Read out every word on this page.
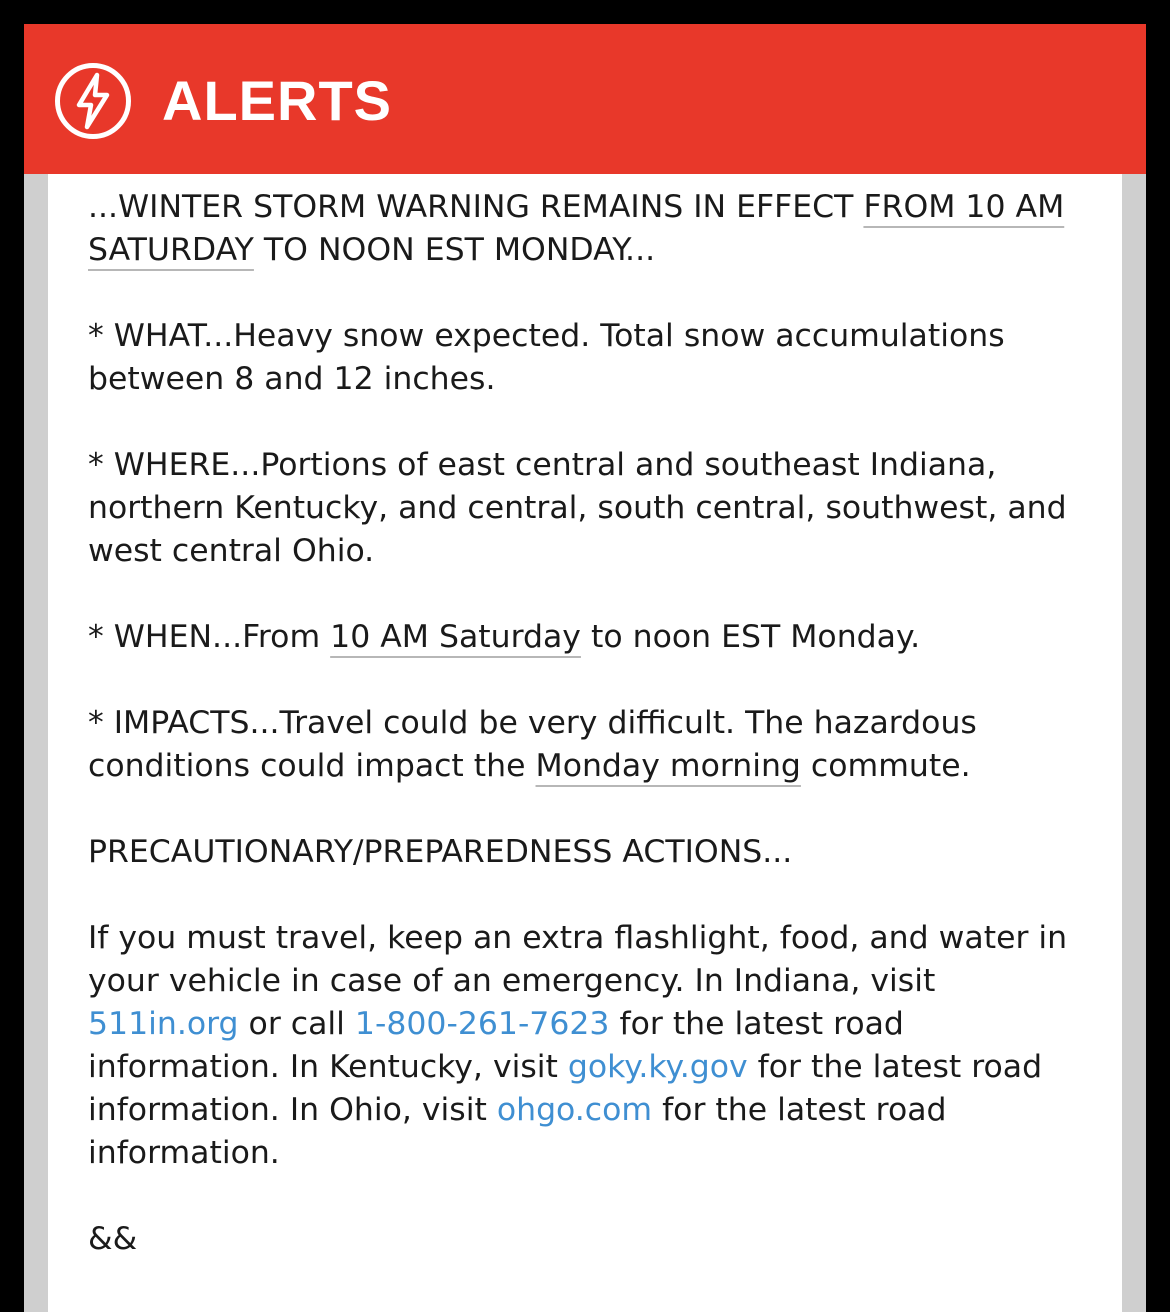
ALERTS

...WINTER STORM WARNING REMAINS IN EFFECT FROM 10 AM SATURDAY TO NOON EST MONDAY...

* WHAT...Heavy snow expected. Total snow accumulations between 8 and 12 inches.

* WHERE...Portions of east central and southeast Indiana, northern Kentucky, and central, south central, southwest, and west central Ohio.

* WHEN...From 10 AM Saturday to noon EST Monday.

* IMPACTS...Travel could be very difficult. The hazardous conditions could impact the Monday morning commute.

PRECAUTIONARY/PREPAREDNESS ACTIONS...

If you must travel, keep an extra flashlight, food, and water in your vehicle in case of an emergency. In Indiana, visit 511in.org or call 1-800-261-7623 for the latest road information. In Kentucky, visit goky.ky.gov for the latest road information. In Ohio, visit ohgo.com for the latest road information.

&&
